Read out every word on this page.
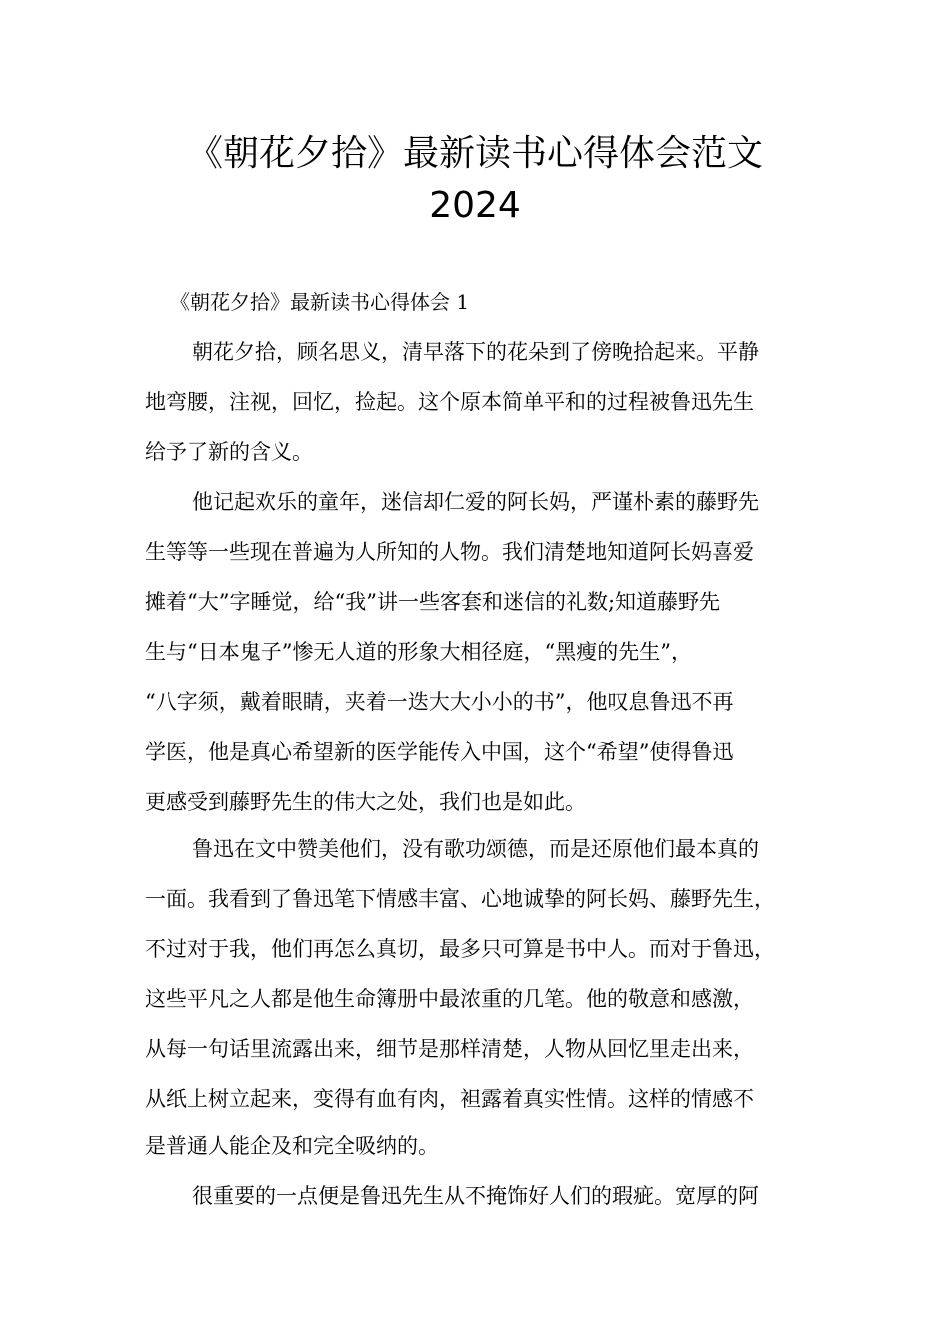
《朝花夕拾》最新读书心得体会范文
2024

《朝花夕拾》最新读书心得体会 1

朝花夕拾，顾名思义，清早落下的花朵到了傍晚拾起来。平静

地弯腰，注视，回忆，捡起。这个原本简单平和的过程被鲁迅先生

给予了新的含义。

他记起欢乐的童年，迷信却仁爱的阿长妈，严谨朴素的藤野先

生等等一些现在普遍为人所知的人物。我们清楚地知道阿长妈喜爱

摊着“大”字睡觉，给“我”讲一些客套和迷信的礼数;知道藤野先

生与“日本鬼子”惨无人道的形象大相径庭，“黑瘦的先生”，

“八字须，戴着眼睛，夹着一迭大大小小的书”，他叹息鲁迅不再

学医，他是真心希望新的医学能传入中国，这个“希望”使得鲁迅

更感受到藤野先生的伟大之处，我们也是如此。

鲁迅在文中赞美他们，没有歌功颂德，而是还原他们最本真的

一面。我看到了鲁迅笔下情感丰富、心地诚挚的阿长妈、藤野先生，

不过对于我，他们再怎么真切，最多只可算是书中人。而对于鲁迅，

这些平凡之人都是他生命簿册中最浓重的几笔。他的敬意和感激，

从每一句话里流露出来，细节是那样清楚，人物从回忆里走出来，

从纸上树立起来，变得有血有肉，袒露着真实性情。这样的情感不

是普通人能企及和完全吸纳的。

很重要的一点便是鲁迅先生从不掩饰好人们的瑕疵。宽厚的阿
